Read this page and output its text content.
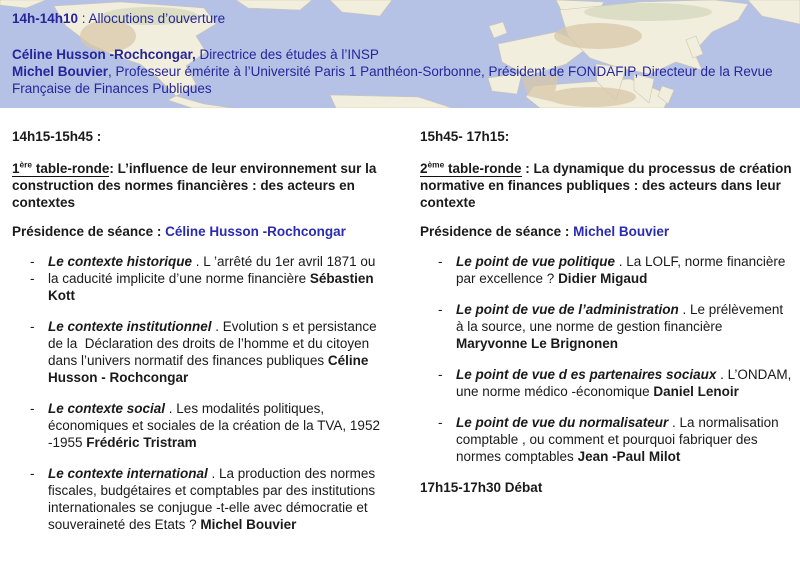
14h-14h10 : Allocutions d’ouverture
Céline Husson -Rochcongar, Directrice des études à l’INSP
Michel Bouvier, Professeur émérite à l’Université Paris 1 Panthéon-Sorbonne, Président de FONDAFIP, Directeur de la Revue Française de Finances Publiques
14h15-15h45 :
1ère table-ronde: L’influence de leur environnement sur la construction des normes financières : des acteurs en contextes
Présidence de séance : Céline Husson -Rochcongar
-	Le contexte historique . L ’arrêté du 1er avril 1871 ou
-	la caducité implicite d’une norme financière Sébastien Kott
-	Le contexte institutionnel . Evolution s et persistance de la  Déclaration des droits de l’homme et du citoyen dans l’univers normatif des finances publiques Céline Husson - Rochcongar
-	Le contexte social . Les modalités politiques, économiques et sociales de la création de la TVA, 1952 -1955 Frédéric Tristram
-	Le contexte international . La production des normes fiscales, budgétaires et comptables par des institutions internationales se conjugue -t-elle avec démocratie et souveraineté des Etats ? Michel Bouvier
15h45- 17h15:
2ème table-ronde : La dynamique du processus de création normative en finances publiques : des acteurs dans leur contexte
Présidence de séance : Michel Bouvier
-	Le point de vue politique . La LOLF, norme financière par excellence ? Didier Migaud
-	Le point de vue de l’administration . Le prélèvement à la source, une norme de gestion financière Maryvonne Le Brignonen
-	Le point de vue d es partenaires sociaux . L’ONDAM, une norme médico -économique Daniel Lenoir
-	Le point de vue du normalisateur . La normalisation comptable , ou comment et pourquoi fabriquer des normes comptables Jean -Paul Milot
17h15-17h30 Débat
